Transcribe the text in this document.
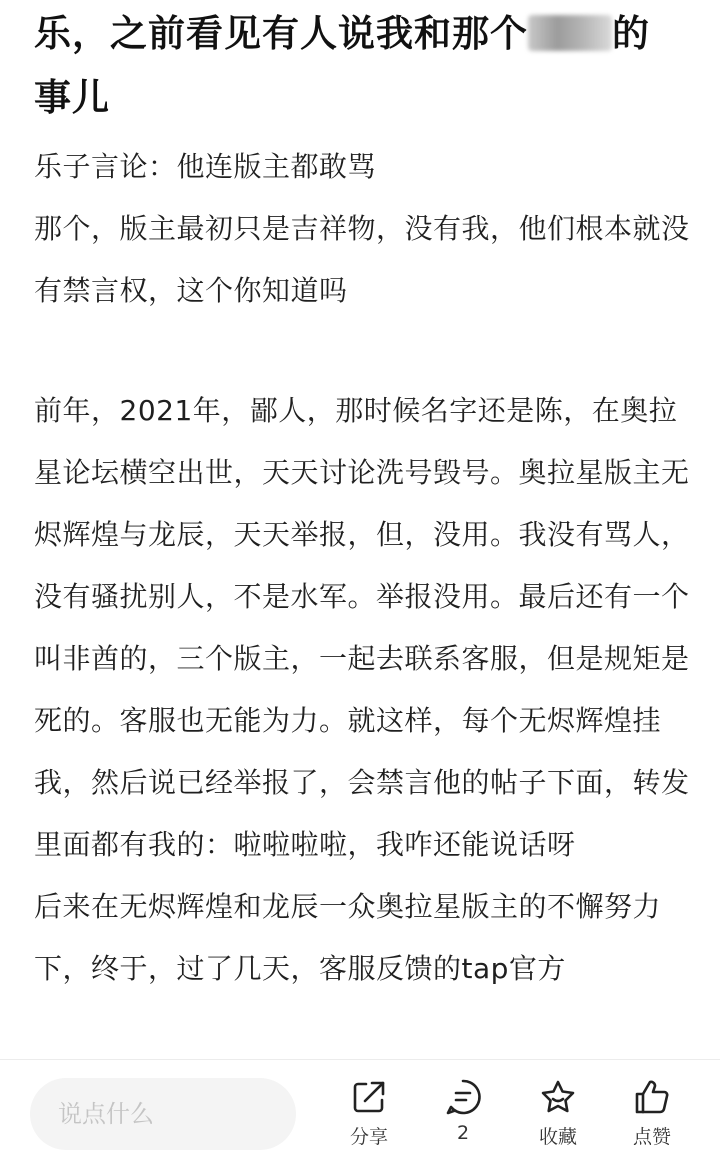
乐，之前看见有人说我和那个 的
事儿

乐子言论：他连版主都敢骂

那个，版主最初只是吉祥物，没有我，他们根本就没有禁言权，这个你知道吗

前年，2021年，鄙人，那时候名字还是陈，在奥拉星论坛横空出世，天天讨论洗号毁号。奥拉星版主无烬辉煌与龙辰，天天举报，但，没用。我没有骂人，没有骚扰别人，不是水军。举报没用。最后还有一个叫非酋的，三个版主，一起去联系客服，但是规矩是死的。客服也无能为力。就这样，每个无烬辉煌挂我，然后说已经举报了，会禁言他的帖子下面，转发里面都有我的：啦啦啦啦，我咋还能说话呀

后来在无烬辉煌和龙辰一众奥拉星版主的不懈努力下，终于，过了几天，客服反馈的tap官方

说点什么
分享	2	收藏	点赞
